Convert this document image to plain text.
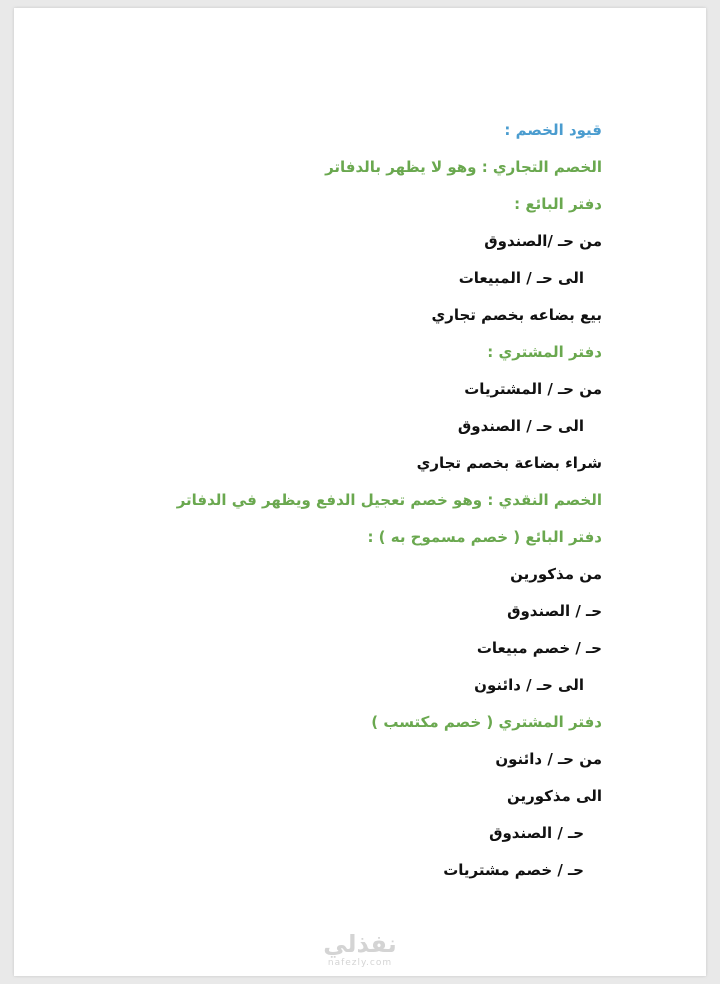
قيود الخصم :
الخصم التجاري : وهو لا يظهر بالدفاتر
دفتر البائع :
من حـ /الصندوق
الى حـ / المبيعات
بيع بضاعه بخصم تجاري
دفتر المشتري :
من حـ / المشتريات
الى حـ / الصندوق
شراء بضاعة بخصم تجاري
الخصم النقدي : وهو خصم تعجيل الدفع ويظهر في الدفاتر
دفتر البائع ( خصم مسموح به ) :
من مذكورين
حـ / الصندوق
حـ / خصم مبيعات
الى حـ / دائنون
دفتر المشتري ( خصم مكتسب )
من حـ / دائنون
الى مذكورين
حـ / الصندوق
حـ / خصم مشتريات
نفذلي
nafezly.com
